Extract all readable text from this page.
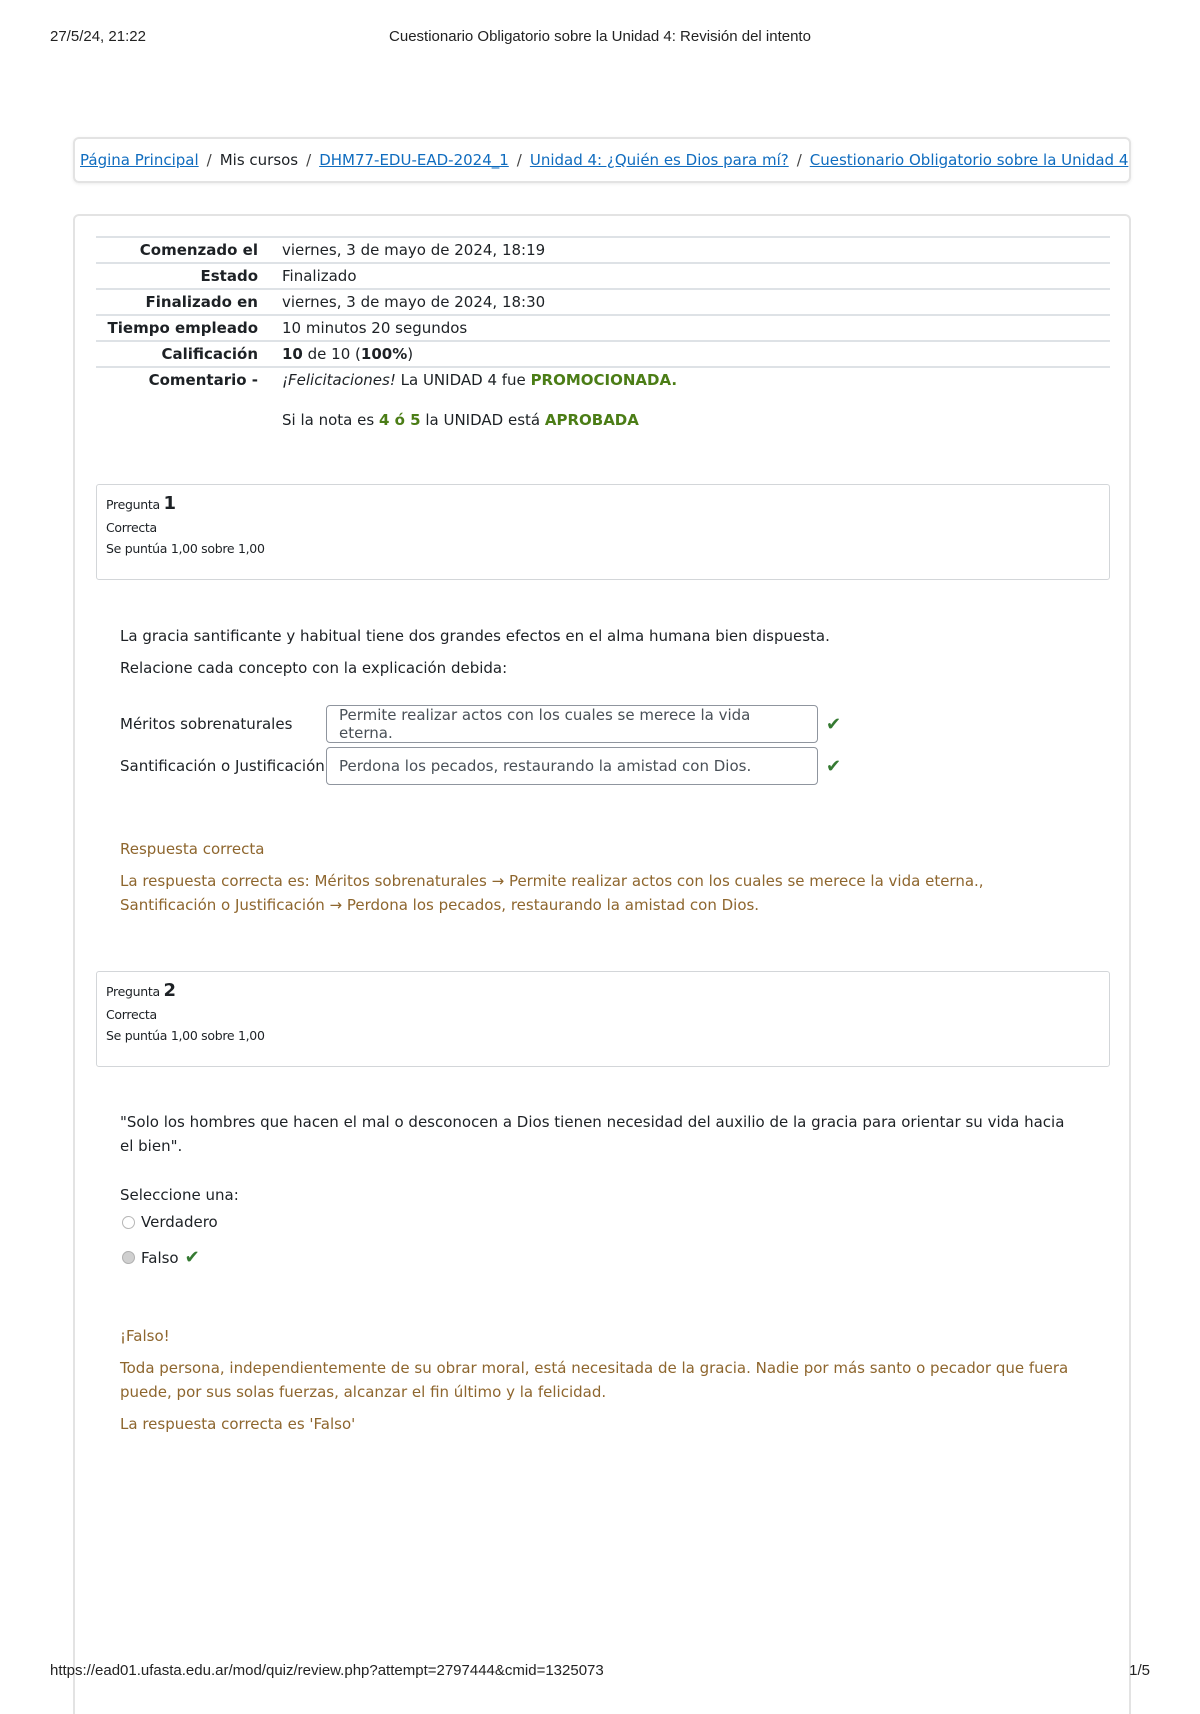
27/5/24, 21:22	Cuestionario Obligatorio sobre la Unidad 4: Revisión del intento
Página Principal / Mis cursos / DHM77-EDU-EAD-2024_1 / Unidad 4: ¿Quién es Dios para mí? / Cuestionario Obligatorio sobre la Unidad 4
Comenzado el	viernes, 3 de mayo de 2024, 18:19
Estado	Finalizado
Finalizado en	viernes, 3 de mayo de 2024, 18:30
Tiempo empleado	10 minutos 20 segundos
Calificación	10 de 10 (100%)
Comentario -	¡Felicitaciones! La UNIDAD 4 fue PROMOCIONADA.

Si la nota es 4 ó 5 la UNIDAD está APROBADA

Pregunta 1
Correcta
Se puntúa 1,00 sobre 1,00

La gracia santificante y habitual tiene dos grandes efectos en el alma humana bien dispuesta.

Relacione cada concepto con la explicación debida:

Méritos sobrenaturales	Permite realizar actos con los cuales se merece la vida eterna.	✔
Santificación o Justificación Perdona los pecados, restaurando la amistad con Dios.	✔

Respuesta correcta

La respuesta correcta es: Méritos sobrenaturales → Permite realizar actos con los cuales se merece la vida eterna., Santificación o Justificación → Perdona los pecados, restaurando la amistad con Dios.

Pregunta 2
Correcta
Se puntúa 1,00 sobre 1,00

"Solo los hombres que hacen el mal o desconocen a Dios tienen necesidad del auxilio de la gracia para orientar su vida hacia el bien".

Seleccione una:

Verdadero
Falso ✔

¡Falso!

Toda persona, independientemente de su obrar moral, está necesitada de la gracia. Nadie por más santo o pecador que fuera puede, por sus solas fuerzas, alcanzar el fin último y la felicidad.

La respuesta correcta es 'Falso'

https://ead01.ufasta.edu.ar/mod/quiz/review.php?attempt=2797444&cmid=1325073	1/5
